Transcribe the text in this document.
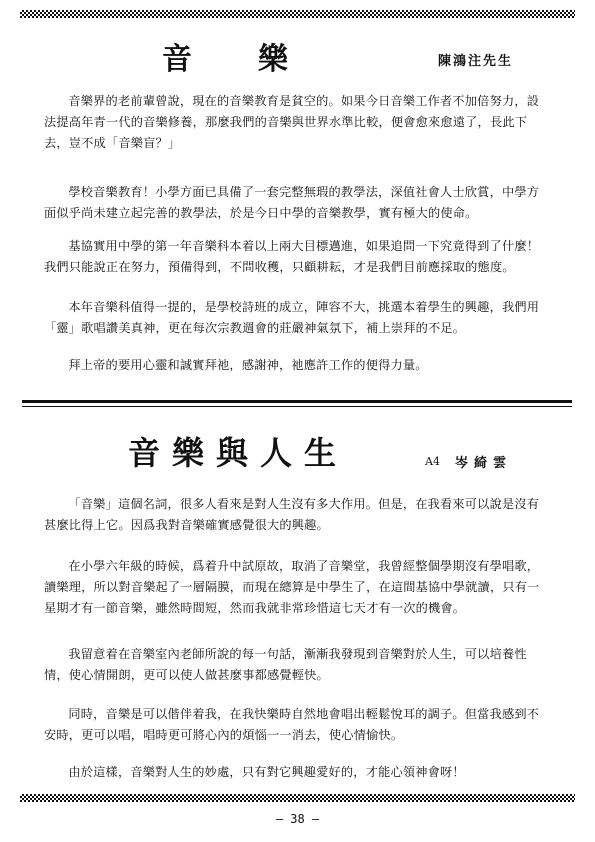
音　樂	陳鴻注先生

音樂界的老前輩曾說，現在的音樂教育是貧空的。如果今日音樂工作者不加倍努力，設法提高年青一代的音樂修養，那麼我們的音樂與世界水準比較，便會愈來愈遠了，長此下去，豈不成「音樂盲？」

學校音樂教育！小學方面已具備了一套完整無瑕的教學法，深值社會人士欣賞，中學方面似乎尚未建立起完善的教學法，於是今日中學的音樂教學，實有極大的使命。

基協實用中學的第一年音樂科本着以上兩大目標邁進，如果追問一下究竟得到了什麼！我們只能說正在努力，預備得到，不問收穫，只顧耕耘，才是我們目前應採取的態度。

本年音樂科值得一提的，是學校詩班的成立，陣容不大，挑選本着學生的興趣，我們用「靈」歌唱讚美真神，更在每次宗教週會的莊嚴神氣氛下，補上崇拜的不足。

拜上帝的要用心靈和誠實拜祂，感謝神，祂應許工作的便得力量。

音樂與人生	A4 岑綺雲

「音樂」這個名詞，很多人看來是對人生沒有多大作用。但是，在我看來可以說是沒有甚麼比得上它。因爲我對音樂確實感覺很大的興趣。

在小學六年級的時候，爲着升中試原故，取消了音樂堂，我曾經整個學期沒有學唱歌，讀樂理，所以對音樂起了一層隔膜，而現在總算是中學生了，在這間基協中學就讀，只有一星期才有一節音樂，雖然時間短，然而我就非常珍惜這七天才有一次的機會。

我留意着在音樂室內老師所說的每一句話，漸漸我發現到音樂對於人生，可以培養性情，使心情開朗，更可以使人做甚麼事都感覺輕快。

同時，音樂是可以偕伴着我，在我快樂時自然地會唱出輕鬆悅耳的調子。但當我感到不安時，更可以唱，唱時更可將心內的煩惱一一消去，使心情愉快。

由於這樣，音樂對人生的妙處，只有對它興趣愛好的，才能心領神會呀！

— 38 —
